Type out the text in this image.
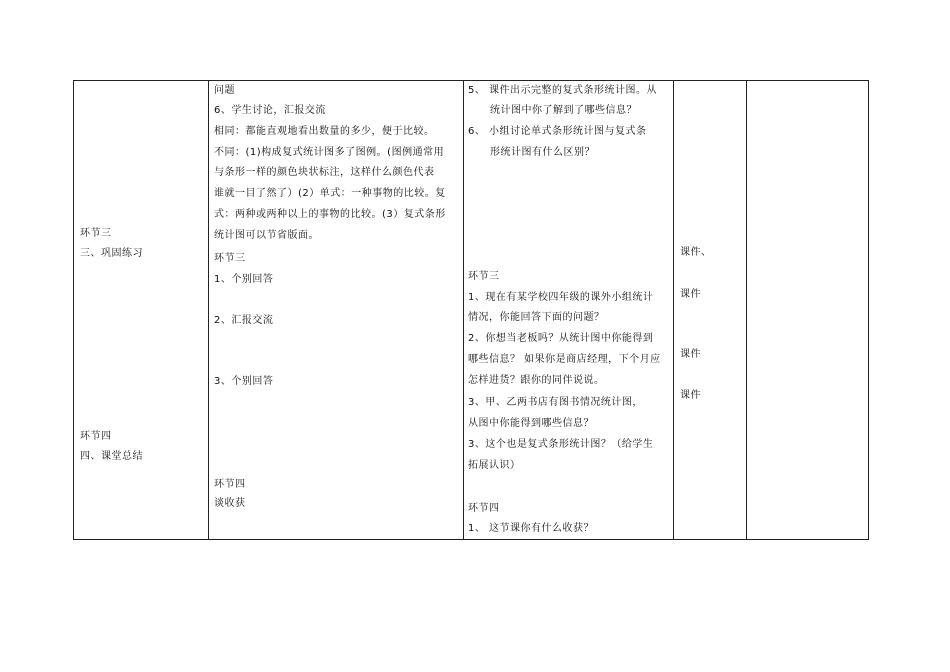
环节三
三、巩固练习
环节四
四、课堂总结
问题
6、学生讨论，汇报交流
相同：都能直观地看出数量的多少，便于比较。
不同：(1)构成复式统计图多了图例。(图例通常用
与条形一样的颜色块状标注，这样什么颜色代表
谁就一目了然了）(2）单式：一种事物的比较。复
式：两种或两种以上的事物的比较。(3）复式条形
统计图可以节省版面。
环节三
1、个别回答
2、汇报交流
3、个别回答
环节四
谈收获
5、 课件出示完整的复式条形统计图。从
统计图中你了解到了哪些信息？
6、 小组讨论单式条形统计图与复式条
形统计图有什么区别？
环节三
1、现在有某学校四年级的课外小组统计
情况，你能回答下面的问题？
2、你想当老板吗？从统计图中你能得到
哪些信息？ 如果你是商店经理，下个月应
怎样进货？跟你的同伴说说。
3、甲、乙两书店有图书情况统计图，
从图中你能得到哪些信息？
3、这个也是复式条形统计图？（给学生
拓展认识）
环节四
1、 这节课你有什么收获？
课件、
课件
课件
课件
